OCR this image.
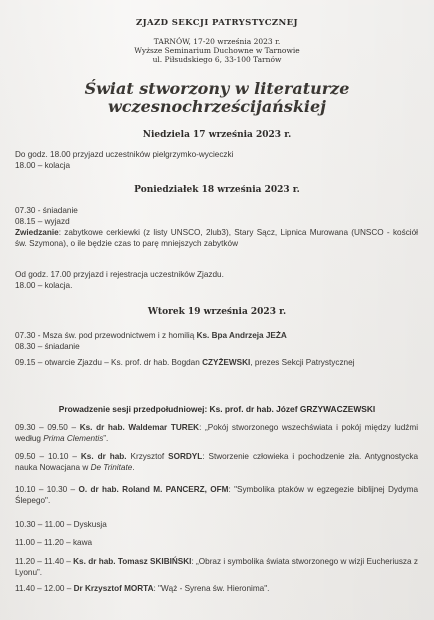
ZJAZD SEKCJI PATRYSTYCZNEJ
TARNÓW, 17-20 września 2023 r.
Wyższe Seminarium Duchowne w Tarnowie
ul. Piłsudskiego 6, 33-100 Tarnów
Świat stworzony w literaturze
wczesnochrześcijańskiej
Niedziela 17 września 2023 r.
Do godz. 18.00 przyjazd uczestników pielgrzymko-wycieczki
18.00 – kolacja
Poniedziałek 18 września 2023 r.
07.30 - śniadanie
08.15 – wyjazd
Zwiedzanie: zabytkowe cerkiewki (z listy UNSCO, 2lub3), Stary Sącz, Lipnica Murowana (UNSCO - kościół św. Szymona), o ile będzie czas to parę mniejszych zabytków
Od godz. 17.00 przyjazd i rejestracja uczestników Zjazdu.
18.00 – kolacja.
Wtorek 19 września 2023 r.
07.30 - Msza św. pod przewodnictwem i z homilią Ks. Bpa Andrzeja JEŻA
08.30 – śniadanie
09.15 – otwarcie Zjazdu – Ks. prof. dr hab. Bogdan CZYŻEWSKI, prezes Sekcji Patrystycznej
Prowadzenie sesji przedpołudniowej: Ks. prof. dr hab. Józef GRZYWACZEWSKI
09.30 – 09.50 – Ks. dr hab. Waldemar TUREK: „Pokój stworzonego wszechświata i pokój między ludźmi według Prima Clementis”.
09.50 – 10.10 – Ks. dr hab. Krzysztof SORDYL: Stworzenie człowieka i pochodzenie zła. Antygnostycka nauka Nowacjana w De Trinitate.
10.10 – 10.30 – O. dr hab. Roland M. PANCERZ, OFM: "Symbolika ptaków w egzegezie biblijnej Dydyma Ślepego".
10.30 – 11.00 – Dyskusja
11.00 – 11.20 – kawa
11.20 – 11.40 – Ks. dr hab. Tomasz SKIBIŃSKI: „Obraz i symbolika świata stworzonego w wizji Eucheriusza z Lyonu”.
11.40 – 12.00 – Dr Krzysztof MORTA: "Wąż - Syrena św. Hieronima".
